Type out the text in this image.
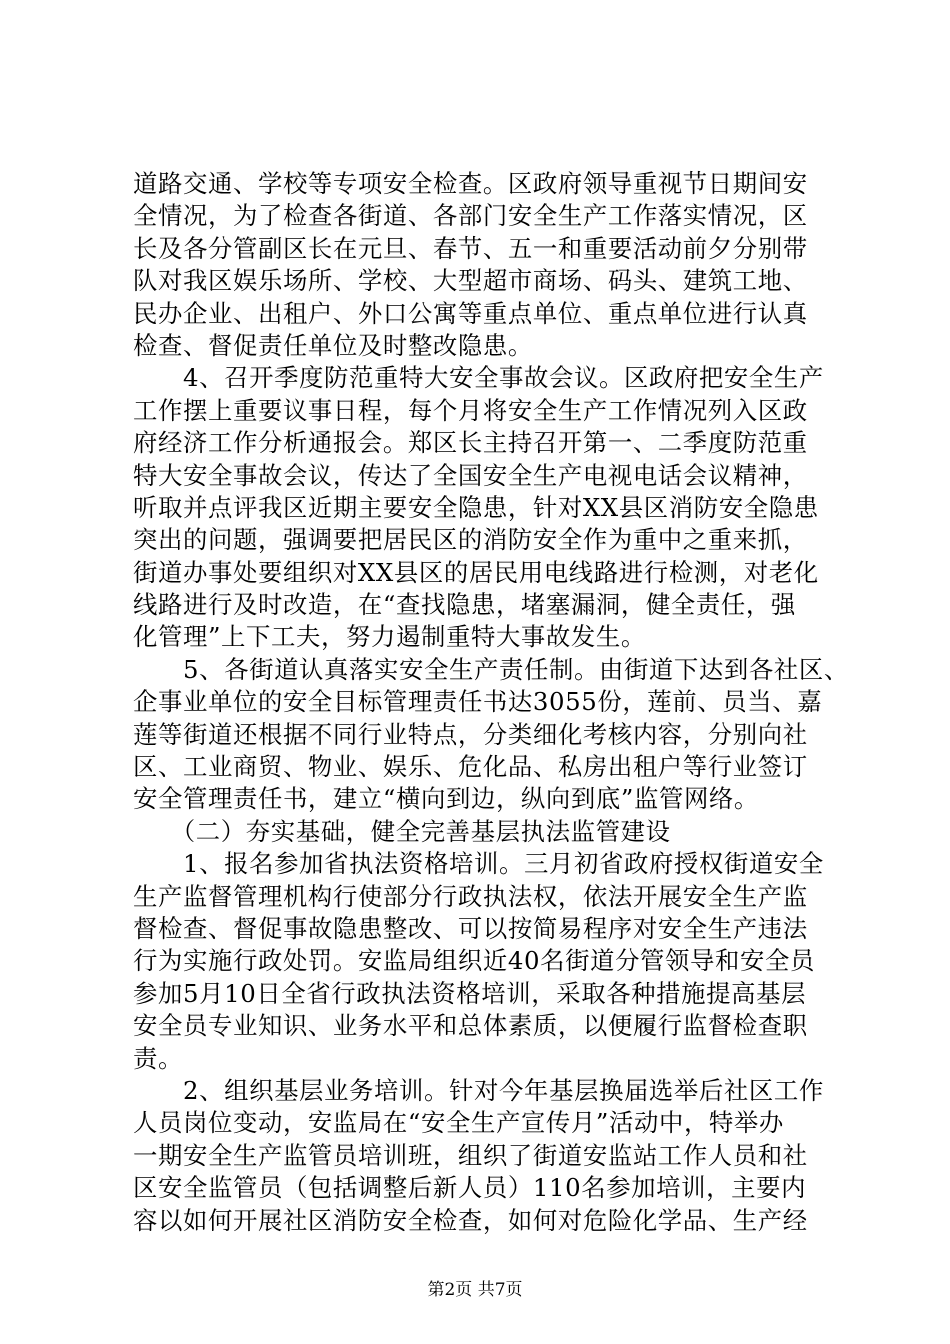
道路交通、学校等专项安全检查。区政府领导重视节日期间安
全情况，为了检查各街道、各部门安全生产工作落实情况，区
长及各分管副区长在元旦、春节、五一和重要活动前夕分别带
队对我区娱乐场所、学校、大型超市商场、码头、建筑工地、
民办企业、出租户、外口公寓等重点单位、重点单位进行认真
检查、督促责任单位及时整改隐患。
　　4、召开季度防范重特大安全事故会议。区政府把安全生产
工作摆上重要议事日程，每个月将安全生产工作情况列入区政
府经济工作分析通报会。郑区长主持召开第一、二季度防范重
特大安全事故会议，传达了全国安全生产电视电话会议精神，
听取并点评我区近期主要安全隐患，针对XX县区消防安全隐患
突出的问题，强调要把居民区的消防安全作为重中之重来抓，
街道办事处要组织对XX县区的居民用电线路进行检测，对老化
线路进行及时改造，在“查找隐患，堵塞漏洞，健全责任，强
化管理”上下工夫，努力遏制重特大事故发生。
　　5、各街道认真落实安全生产责任制。由街道下达到各社区、
企事业单位的安全目标管理责任书达3055份，莲前、员当、嘉
莲等街道还根据不同行业特点，分类细化考核内容，分别向社
区、工业商贸、物业、娱乐、危化品、私房出租户等行业签订
安全管理责任书，建立“横向到边，纵向到底”监管网络。
　　（二）夯实基础，健全完善基层执法监管建设
　　1、报名参加省执法资格培训。三月初省政府授权街道安全
生产监督管理机构行使部分行政执法权，依法开展安全生产监
督检查、督促事故隐患整改、可以按简易程序对安全生产违法
行为实施行政处罚。安监局组织近40名街道分管领导和安全员
参加5月10日全省行政执法资格培训，采取各种措施提高基层
安全员专业知识、业务水平和总体素质，以便履行监督检查职
责。
　　2、组织基层业务培训。针对今年基层换届选举后社区工作
人员岗位变动，安监局在“安全生产宣传月”活动中，特举办
一期安全生产监管员培训班，组织了街道安监站工作人员和社
区安全监管员（包括调整后新人员）110名参加培训，主要内
容以如何开展社区消防安全检查，如何对危险化学品、生产经
第2页 共7页
